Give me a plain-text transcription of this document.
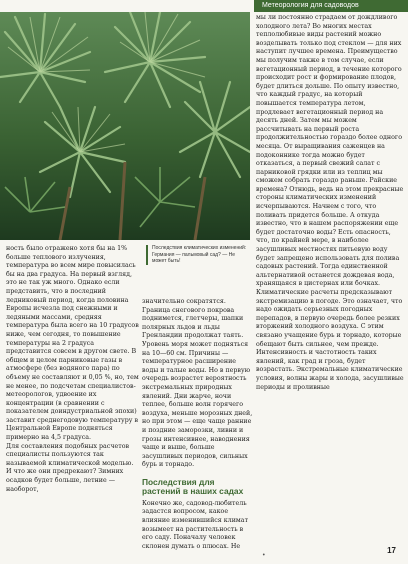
Метеорология для садоводов
Последствия климатических изменений: Германия — пальмовый сад? — Не может быть!

ность было отражено хотя бы на 1% больше теплового излучения, температура во всем мире повысилась бы на два градуса. На первый взгляд, это не так уж много. Однако если представить, что в последний ледниковый период, когда половина Европы исчезла под снежными и ледяными массами, средняя температура была всего на 10 градусов ниже, чем сегодня, то повышение температуры на 2 градуса представится совсем в другом свете. В общем и целом парниковые газы в атмосфере (без водяного пара) по объему не составляют и 0,05 %, но, тем не менее, по подсчетам специалистов-метеорологов, удвоение их концентрации (в сравнении с показателем доиндустриальной эпохи) заставит среднегодовую температуру в Центральной Европе подняться примерно на 4,5 градуса.

Для составления подобных расчетов специалисты пользуются так называемой климатической моделью. И что же они предрекают? Зимних осадков будет больше, летние — наоборот,

значительно сократятся. Граница снегового покрова поднимется, глетчеры, шапки полярных льдов и льды Гренландии продолжат таять. Уровень моря может подняться на 10—60 см. Причины — температурное расширение воды и талые воды. Но в первую очередь возрастет вероятность экстремальных природных явлений. Дни жарче, ночи теплее, больше волн горячего воздуха, меньше морозных дней, но при этом — еще чаще ранние и поздние заморозки, ливни и грозы интенсивнее, наводнения чаще и выше, больше засушливых периодов, сильных бурь и торнадо.

Последствия для растений в наших садах

Конечно же, садовод-любитель задастся вопросом, какое влияние изменившийся климат возымеет на растительность в его саду. Поначалу человек склонен думать о плюсах. Не

мы ли постоянно страдаем от дождливого холодного лета? Во многих местах теплолюбивые виды растений можно возделывать только под стеклом — для них наступит лучшее времена. Преимущество мы получим также в том случае, если вегетационный период, в течение которого происходит рост и формирование плодов, будет длиться дольше. По опыту известно, что каждый градус, на который повышается температура летом, продлевает вегетационный период на десять дней. Затем мы можем рассчитывать на первый роста продолжительностью гораздо более одного месяца. От выращивания саженцев на подоконнике тогда можно будет отказаться, а первый свежий салат с парниковой грядки или из теплиц мы сможем собрать гораздо раньше. Райские времена? Отнюдь, ведь на этом прекрасные стороны климатических изменений исчерпываются. Начнем с того, что поливать придется больше. А откуда известно, что в нашем распоряжении еще будет достаточно воды? Есть опасность, что, по крайней мере, в наиболее засушливых местностях питьевую воду будет запрещено использовать для полива садовых растений. Тогда единственной альтернативой останется дождевая вода, хранящаяся в цистернах или бочках.

Климатические расчеты предсказывают экстремизацию в погоде. Это означает, что надо ожидать серьезных погодных перепадов, в первую очередь более резких вторжений холодного воздуха. С этим связано учащение бурь и торнадо, которые обещают быть сильнее, чем прежде. Интенсивность и частотность таких явлений, как град и гроза, будет возрастать. Экстремальные климатические условия, волны жары и холода, засушливые периоды и проливные

•
17
